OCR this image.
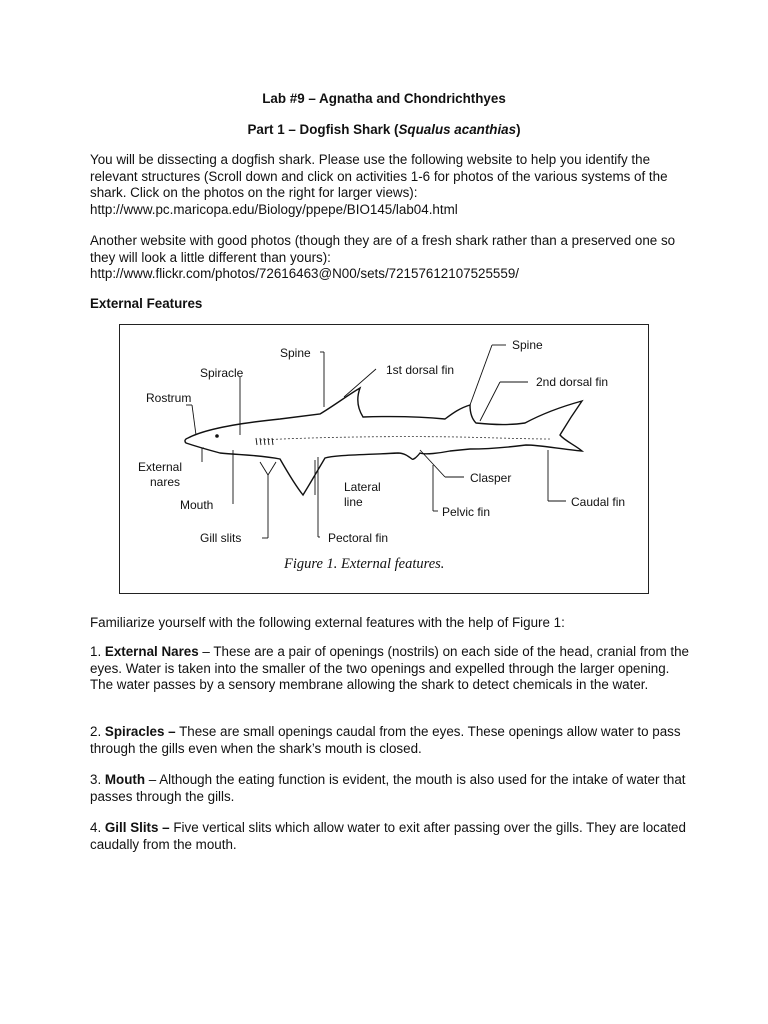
Lab #9 – Agnatha and Chondrichthyes

Part 1 – Dogfish Shark (Squalus acanthias)

You will be dissecting a dogfish shark. Please use the following website to help you identify the relevant structures (Scroll down and click on activities 1-6 for photos of the various systems of the shark. Click on the photos on the right for larger views):
http://www.pc.maricopa.edu/Biology/ppepe/BIO145/lab04.html

Another website with good photos (though they are of a fresh shark rather than a preserved one so they will look a little different than yours):
http://www.flickr.com/photos/72616463@N00/sets/72157612107525559/

External Features

Spine
Spiracle	1st dorsal fin
Spine
2nd dorsal fin
Rostrum
External
nares
Mouth
Gill slits
Lateral
line
Pectoral fin
Clasper
Pelvic fin
Caudal fin
Figure 1. External features.

Familiarize yourself with the following external features with the help of Figure 1:

1. External Nares – These are a pair of openings (nostrils) on each side of the head, cranial from the eyes. Water is taken into the smaller of the two openings and expelled through the larger opening. The water passes by a sensory membrane allowing the shark to detect chemicals in the water.

2. Spiracles – These are small openings caudal from the eyes. These openings allow water to pass through the gills even when the shark’s mouth is closed.

3. Mouth – Although the eating function is evident, the mouth is also used for the intake of water that passes through the gills.

4. Gill Slits – Five vertical slits which allow water to exit after passing over the gills. They are located caudally from the mouth.
